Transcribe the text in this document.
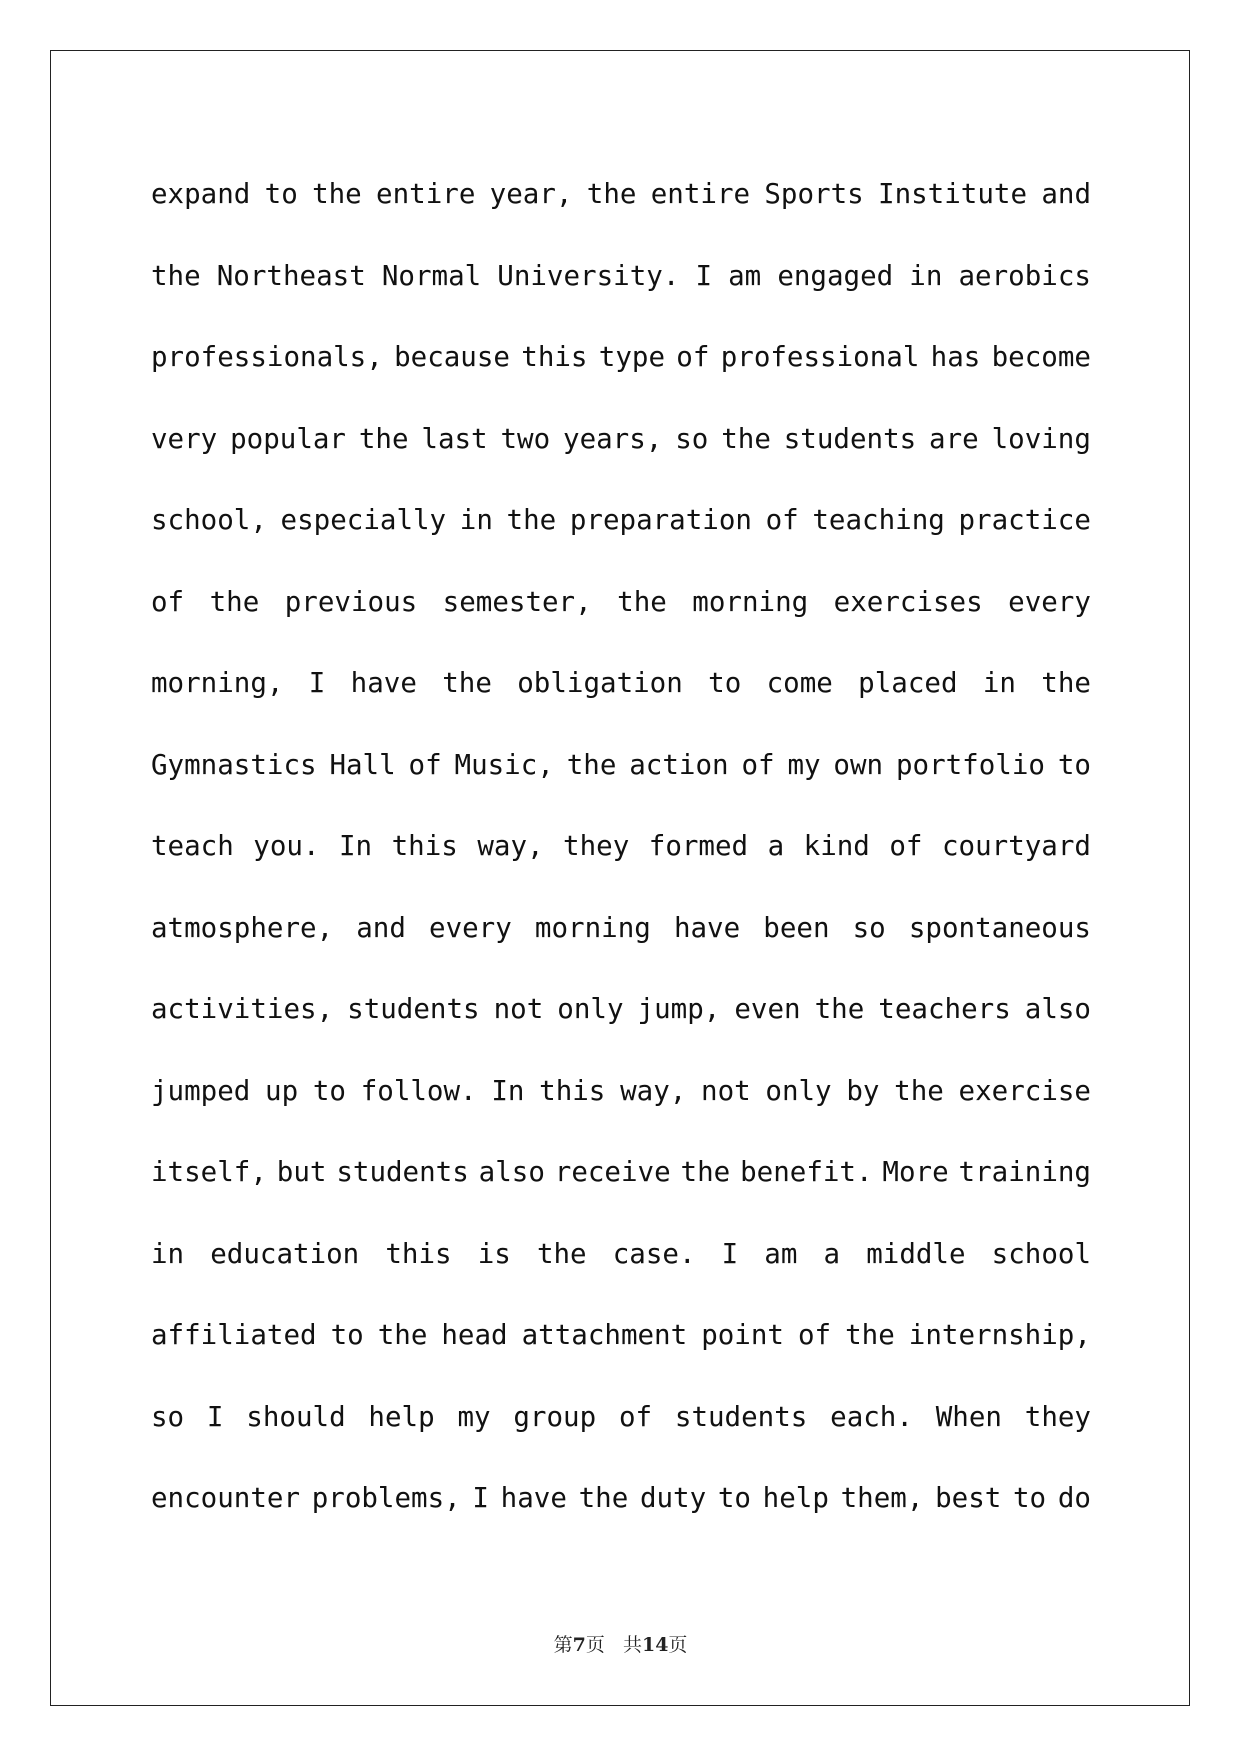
expand to the entire year, the entire Sports Institute and
the Northeast Normal University. I am engaged in aerobics
professionals, because this type of professional has become
very popular the last two years, so the students are loving
school, especially in the preparation of teaching practice
of the previous semester, the morning exercises every
morning, I have the obligation to come placed in the
Gymnastics Hall of Music, the action of my own portfolio to
teach you. In this way, they formed a kind of courtyard
atmosphere, and every morning have been so spontaneous
activities, students not only jump, even the teachers also
jumped up to follow. In this way, not only by the exercise
itself, but students also receive the benefit. More training
in education this is the case. I am a middle school
affiliated to the head attachment point of the internship,
so I should help my group of students each. When they
encounter problems, I have the duty to help them, best to do
第7页 共14页
